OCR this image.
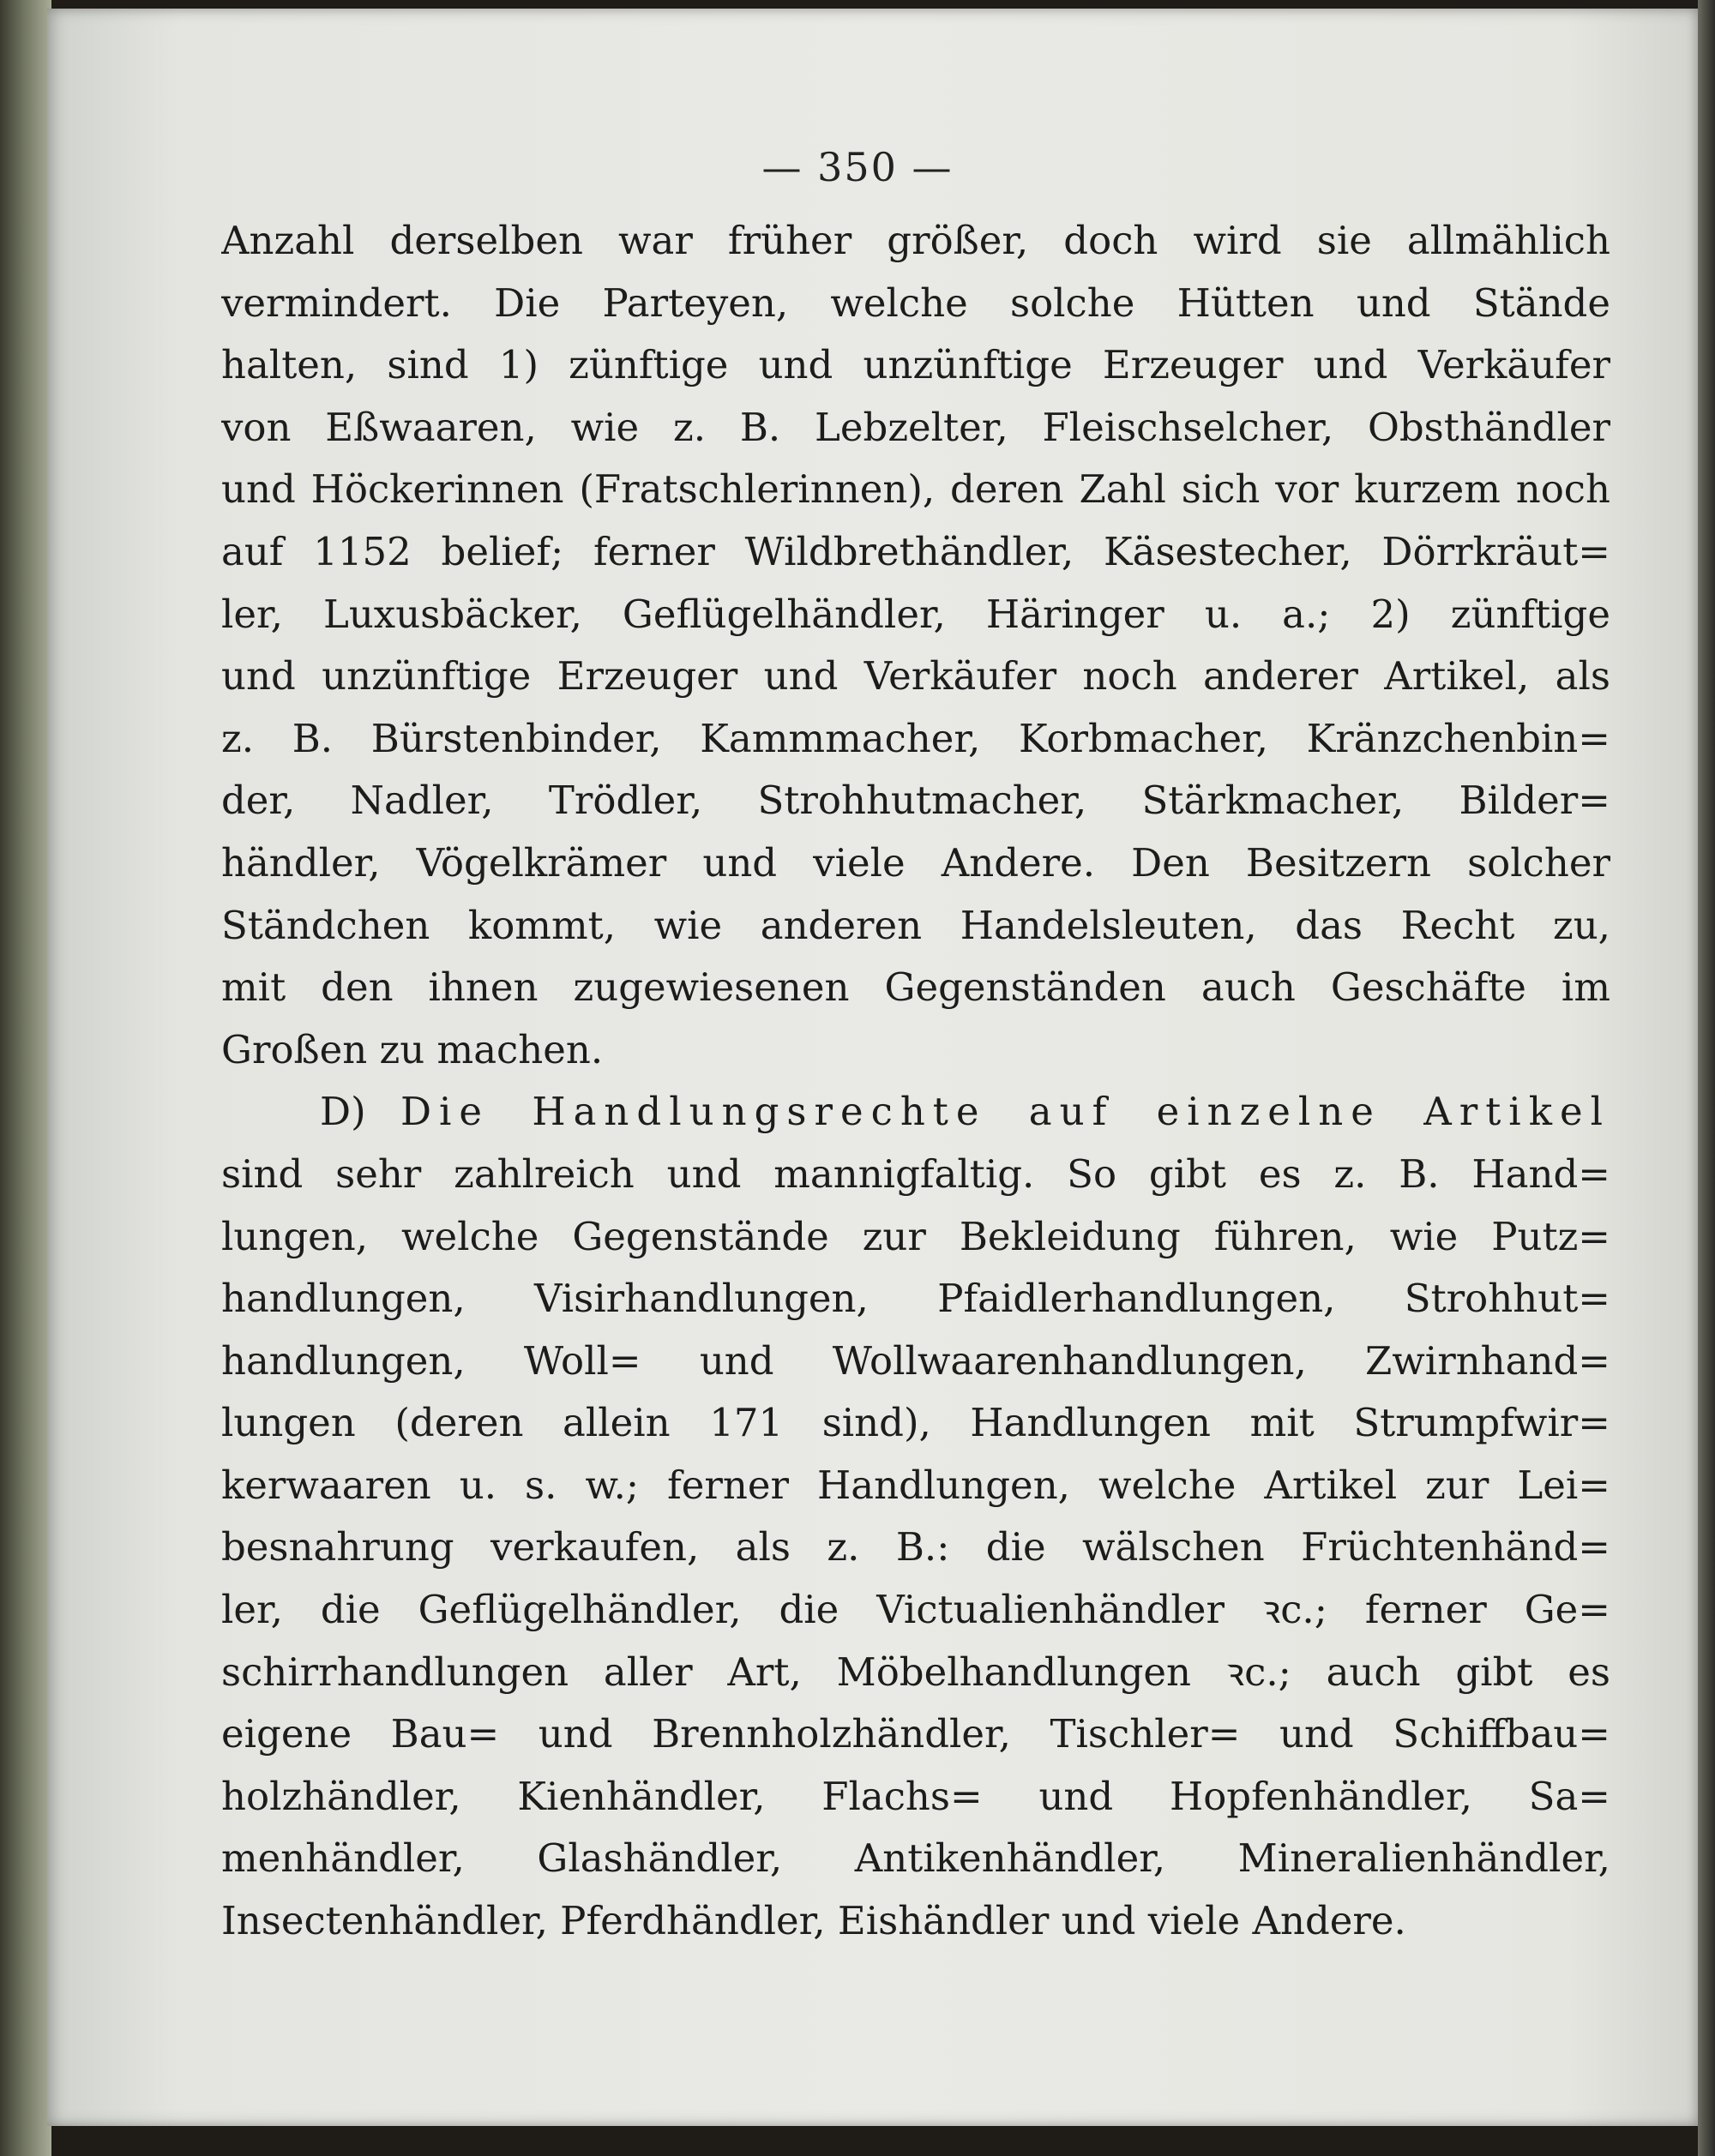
— 350 —
Anzahl derselben war früher größer, doch wird sie allmählich
vermindert. Die Parteyen, welche solche Hütten und Stände
halten, sind 1) zünftige und unzünftige Erzeuger und Verkäufer
von Eßwaaren, wie z. B. Lebzelter, Fleischselcher, Obsthändler
und Höckerinnen (Fratschlerinnen), deren Zahl sich vor kurzem noch
auf 1152 belief; ferner Wildbrethändler, Käsestecher, Dörrkräut=
ler, Luxusbäcker, Geflügelhändler, Häringer u. a.; 2) zünftige
und unzünftige Erzeuger und Verkäufer noch anderer Artikel, als
z. B. Bürstenbinder, Kammmacher, Korbmacher, Kränzchenbin=
der, Nadler, Trödler, Strohhutmacher, Stärkmacher, Bilder=
händler, Vögelkrämer und viele Andere. Den Besitzern solcher
Ständchen kommt, wie anderen Handelsleuten, das Recht zu,
mit den ihnen zugewiesenen Gegenständen auch Geschäfte im
Großen zu machen.
D) Die Handlungsrechte auf einzelne Artikel
sind sehr zahlreich und mannigfaltig. So gibt es z. B. Hand=
lungen, welche Gegenstände zur Bekleidung führen, wie Putz=
handlungen, Visirhandlungen, Pfaidlerhandlungen, Strohhut=
handlungen, Woll= und Wollwaarenhandlungen, Zwirnhand=
lungen (deren allein 171 sind), Handlungen mit Strumpfwir=
kerwaaren u. s. w.; ferner Handlungen, welche Artikel zur Lei=
besnahrung verkaufen, als z. B.: die wälschen Früchtenhänd=
ler, die Geflügelhändler, die Victualienhändler ꝛc.; ferner Ge=
schirrhandlungen aller Art, Möbelhandlungen ꝛc.; auch gibt es
eigene Bau= und Brennholzhändler, Tischler= und Schiffbau=
holzhändler, Kienhändler, Flachs= und Hopfenhändler, Sa=
menhändler, Glashändler, Antikenhändler, Mineralienhändler,
Insectenhändler, Pferdhändler, Eishändler und viele Andere.
